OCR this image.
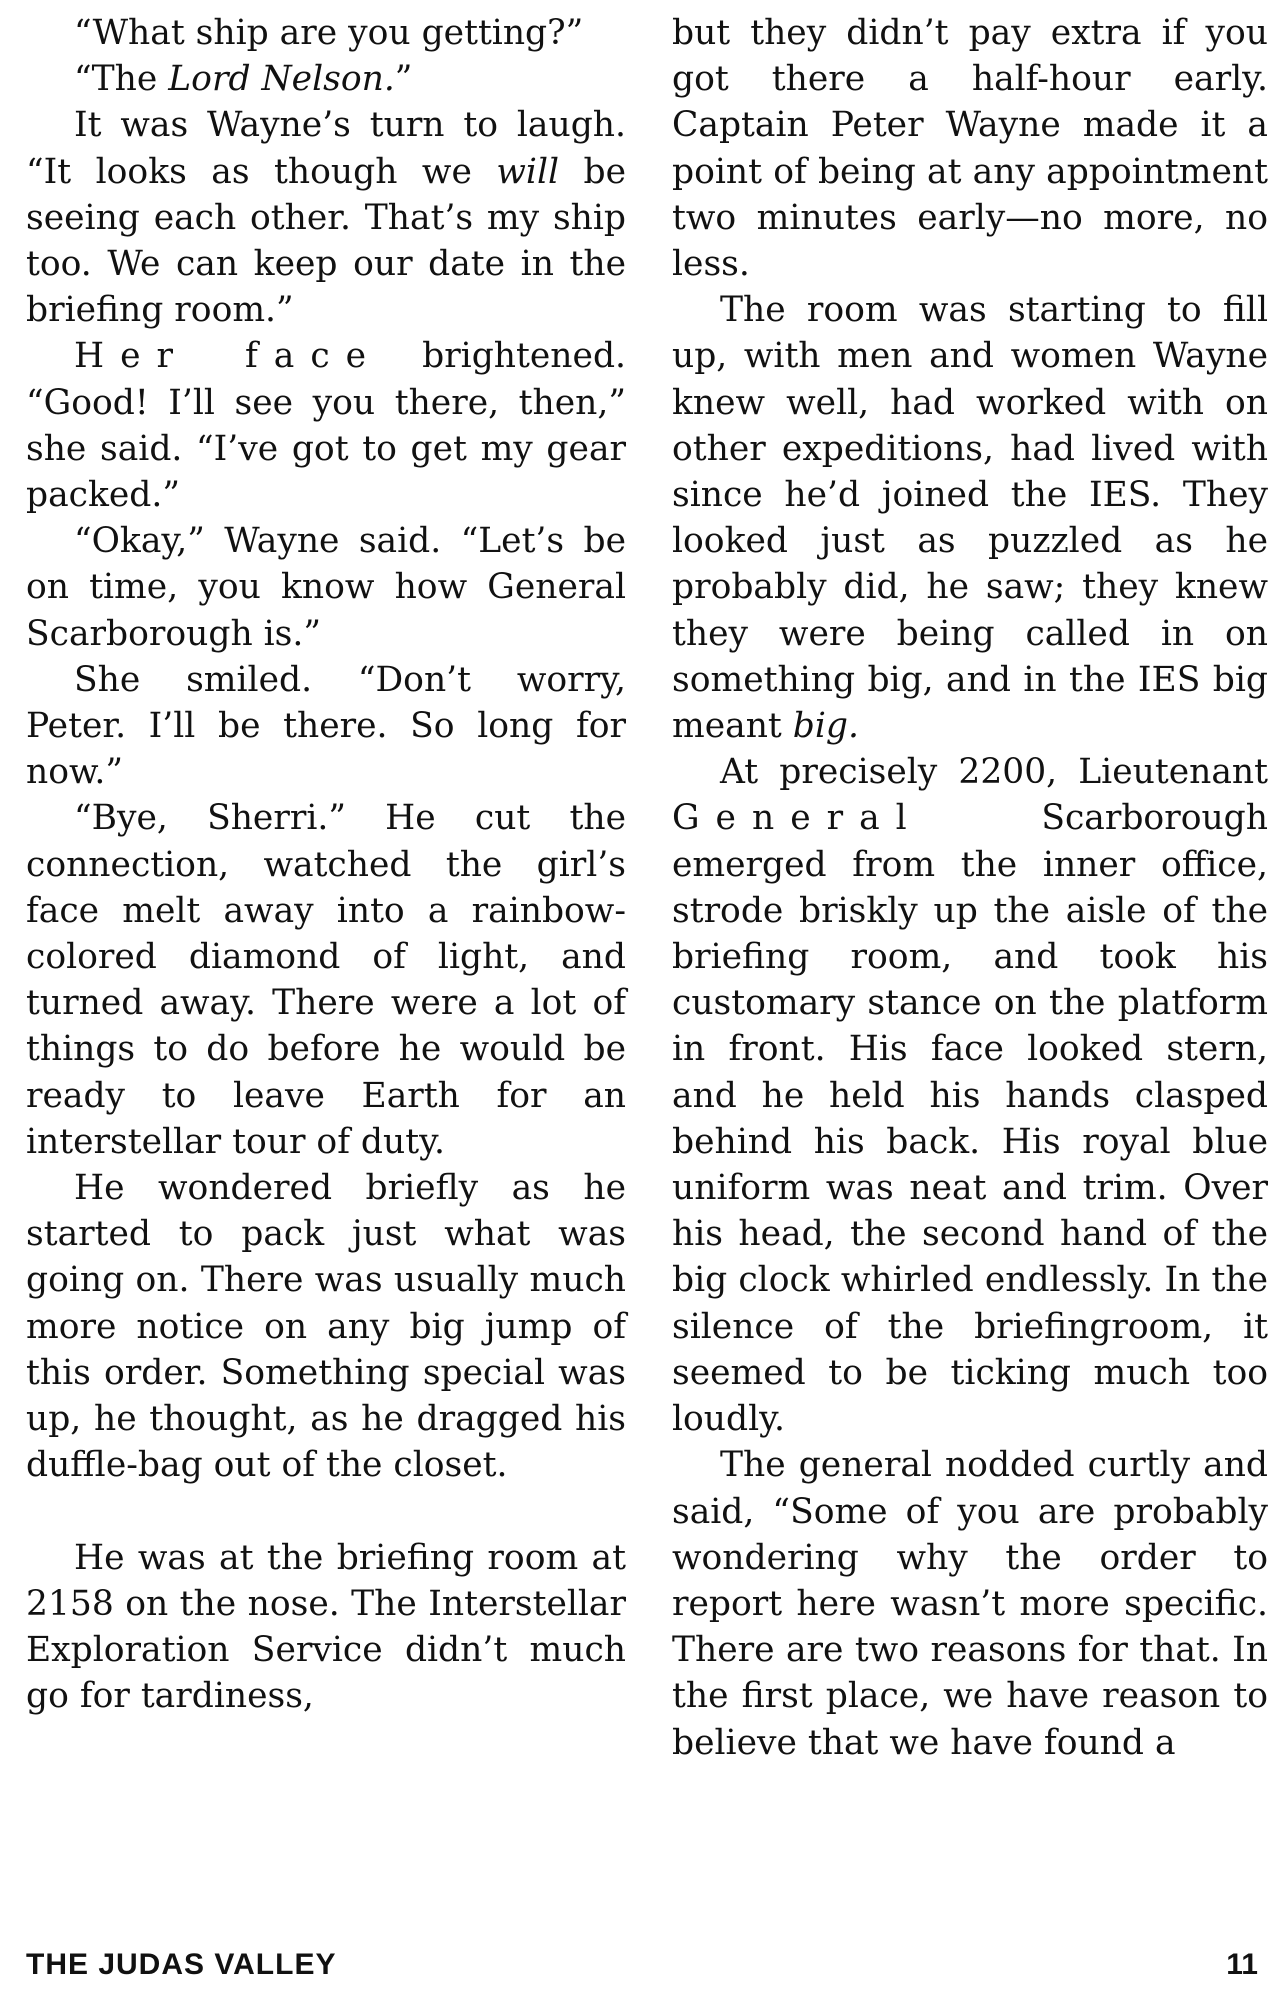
“What ship are you getting?”

“The Lord Nelson.”

It was Wayne’s turn to laugh. “It looks as though we will be seeing each other. That’s my ship too. We can keep our date in the briefing room.”

Her face brightened. “Good! I’ll see you there, then,” she said. “I’ve got to get my gear packed.”

“Okay,” Wayne said. “Let’s be on time, you know how General Scarborough is.”

She smiled. “Don’t worry, Peter. I’ll be there. So long for now.”

“Bye, Sherri.” He cut the connection, watched the girl’s face melt away into a rainbow-colored diamond of light, and turned away. There were a lot of things to do before he would be ready to leave Earth for an interstellar tour of duty.

He wondered briefly as he started to pack just what was going on. There was usually much more notice on any big jump of this order. Something special was up, he thought, as he dragged his duffle-bag out of the closet.

He was at the briefing room at 2158 on the nose. The Interstellar Exploration Service didn’t much go for tardiness,

but they didn’t pay extra if you got there a half-hour early. Captain Peter Wayne made it a point of being at any appointment two minutes early—no more, no less.

The room was starting to fill up, with men and women Wayne knew well, had worked with on other expeditions, had lived with since he’d joined the IES. They looked just as puzzled as he probably did, he saw; they knew they were being called in on something big, and in the IES big meant big.

At precisely 2200, Lieutenant General Scarborough emerged from the inner office, strode briskly up the aisle of the briefing room, and took his customary stance on the platform in front. His face looked stern, and he held his hands clasped behind his back. His royal blue uniform was neat and trim. Over his head, the second hand of the big clock whirled endlessly. In the silence of the briefingroom, it seemed to be ticking much too loudly.

The general nodded curtly and said, “Some of you are probably wondering why the order to report here wasn’t more specific. There are two reasons for that. In the first place, we have reason to believe that we have found a

THE JUDAS VALLEY	11
